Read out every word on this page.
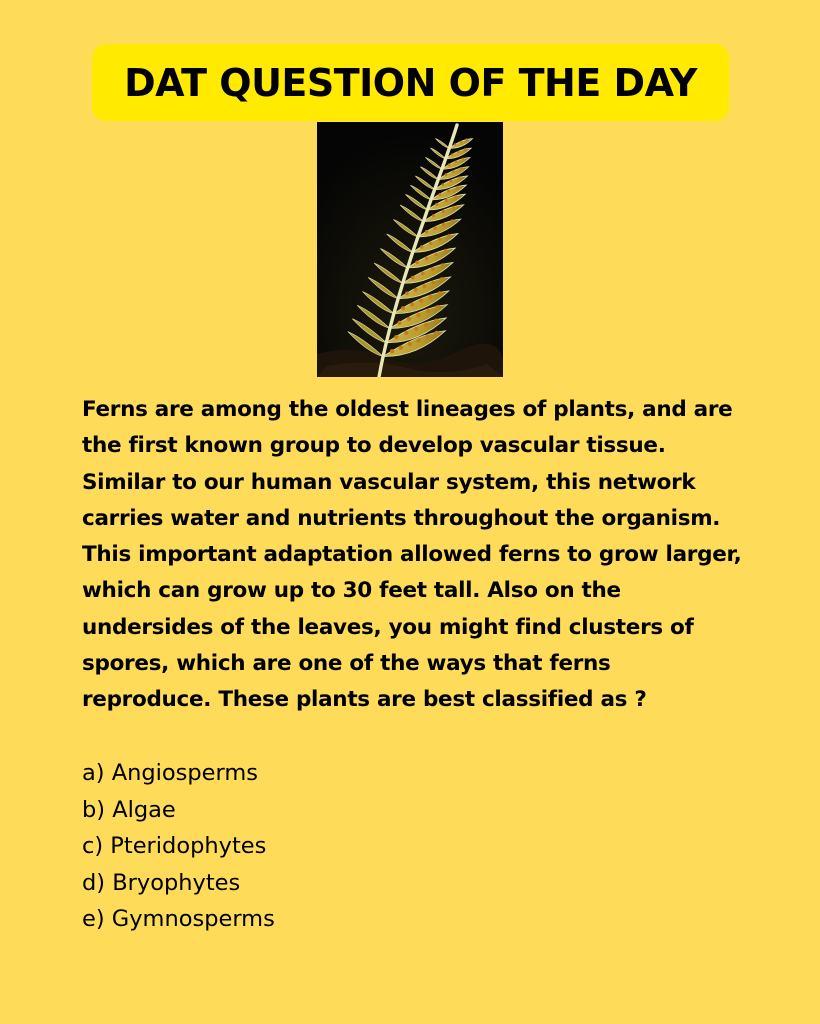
DAT QUESTION OF THE DAY
Ferns are among the oldest lineages of plants, and are
the first known group to develop vascular tissue.
Similar to our human vascular system, this network
carries water and nutrients throughout the organism.
This important adaptation allowed ferns to grow larger,
which can grow up to 30 feet tall. Also on the
undersides of the leaves, you might find clusters of
spores, which are one of the ways that ferns
reproduce. These plants are best classified as ?
a) Angiosperms
b) Algae
c) Pteridophytes
d) Bryophytes
e) Gymnosperms
